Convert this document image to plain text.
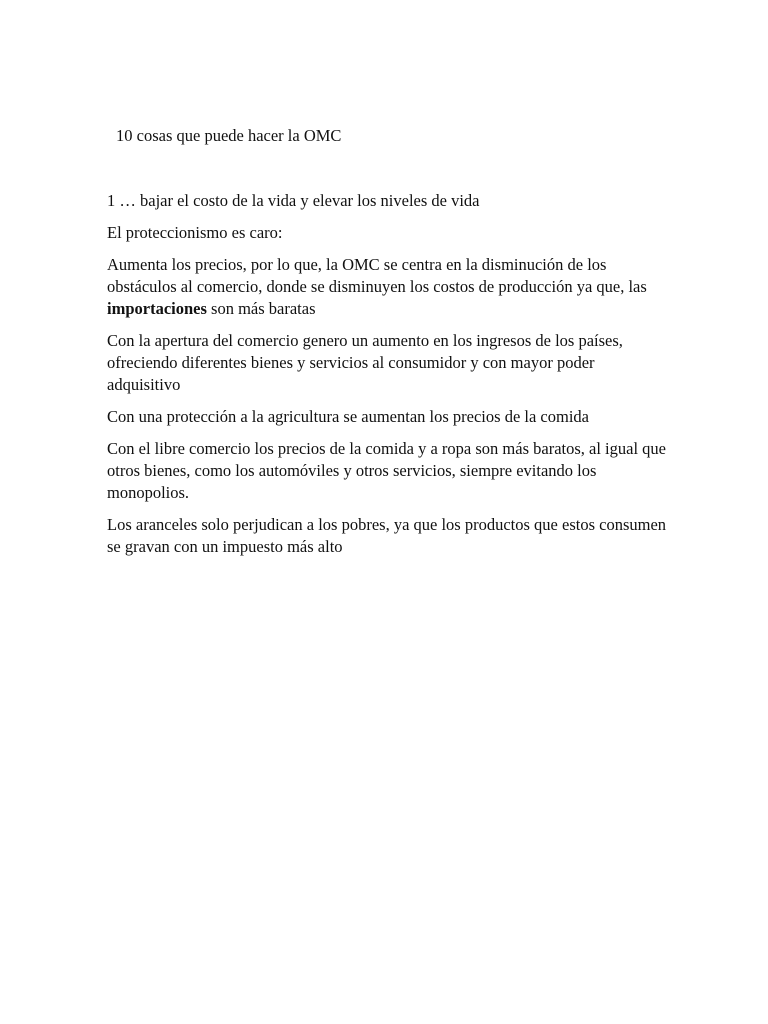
10 cosas que puede hacer la OMC

1 … bajar el costo de la vida y elevar los niveles de vida

El proteccionismo es caro:

Aumenta los precios, por lo que, la OMC se centra en la disminución de los obstáculos al comercio, donde se disminuyen los costos de producción ya que, las importaciones son más baratas

Con la apertura del comercio genero un aumento en los ingresos de los países, ofreciendo diferentes bienes y servicios al consumidor y con mayor poder adquisitivo

Con una protección a la agricultura se aumentan los precios de la comida

Con el libre comercio los precios de la comida y a ropa son más baratos, al igual que otros bienes, como los automóviles y otros servicios, siempre evitando los monopolios.

Los aranceles solo perjudican a los pobres, ya que los productos que estos consumen se gravan con un impuesto más alto
